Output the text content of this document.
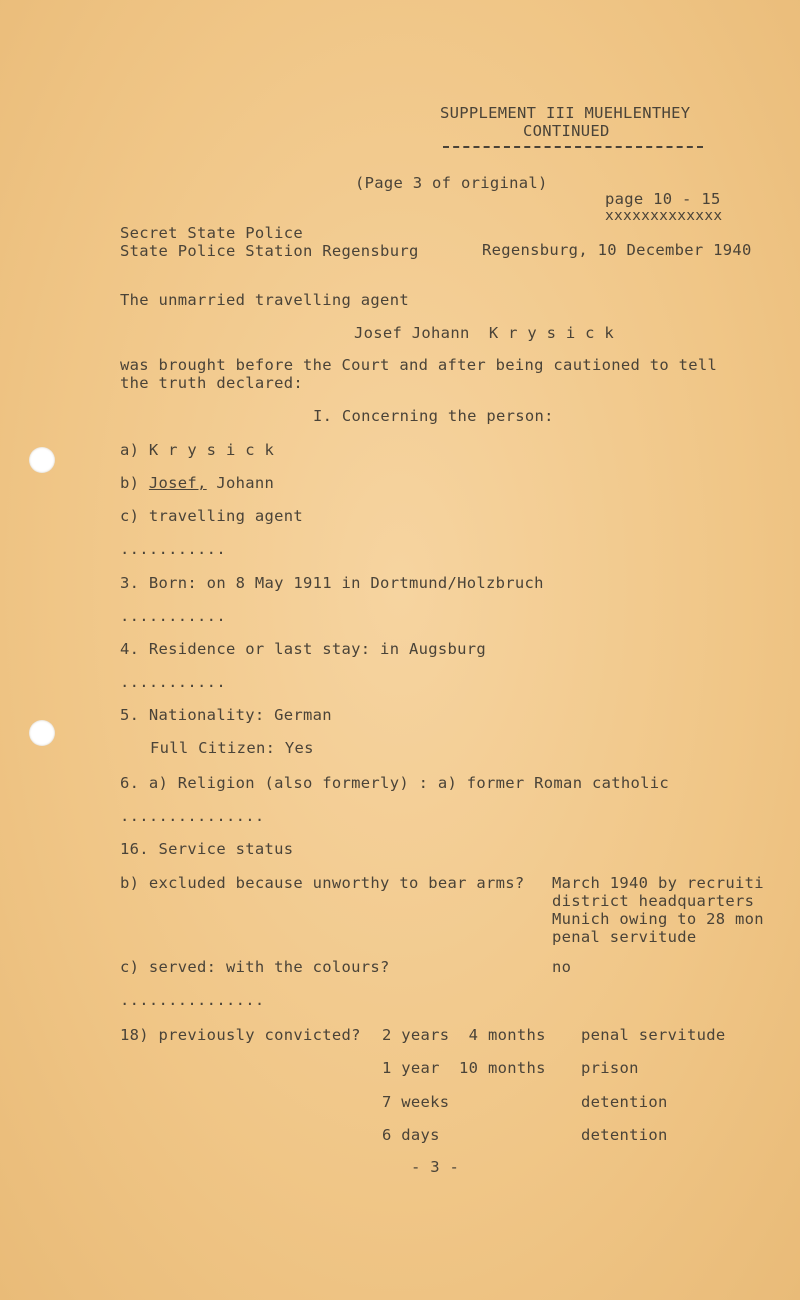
SUPPLEMENT III MUEHLENTHEY
CONTINUED
(Page 3 of original)
page 10 - 15
xxxxxxxxxxxxx
Secret State Police
State Police Station Regensburg	Regensburg, 10 December 1940
The unmarried travelling agent
Josef Johann  K r y s i c k
was brought before the Court and after being cautioned to tell
the truth declared:
I. Concerning the person:
a) K r y s i c k
b) Josef, Johann
c) travelling agent
...........
3. Born: on 8 May 1911 in Dortmund/Holzbruch
...........
4. Residence or last stay: in Augsburg
...........
5. Nationality: German
Full Citizen: Yes
6. a) Religion (also formerly) : a) former Roman catholic
...............
16. Service status
b) excluded because unworthy to bear arms? March 1940 by recruiti
district headquarters
Munich owing to 28 mon
penal servitude
c) served: with the colours?	no
...............
18) previously convicted? 2 years  4 months penal servitude
1 year  10 months prison
7 weeks	detention
6 days	detention
- 3 -
